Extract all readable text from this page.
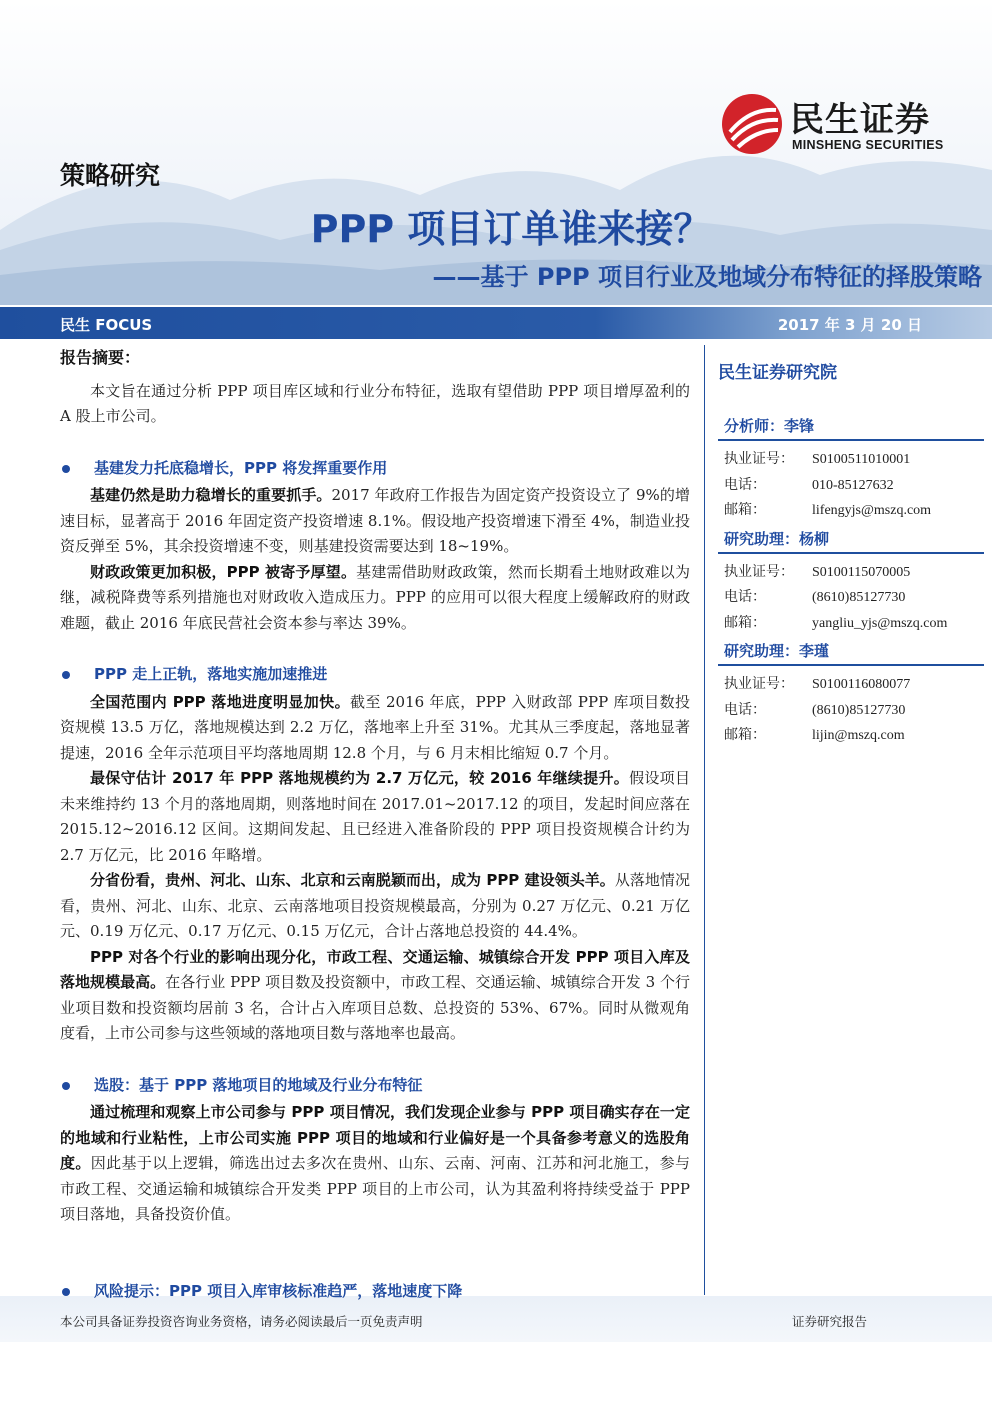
民生证券
MINSHENG SECURITIES
策略研究
PPP 项目订单谁来接？
——基于 PPP 项目行业及地域分布特征的择股策略
民生 FOCUS	2017 年 3 月 20 日
报告摘要：
本文旨在通过分析 PPP 项目库区域和行业分布特征，选取有望借助 PPP 项目增厚盈利的 A 股上市公司。
基建发力托底稳增长，PPP 将发挥重要作用
基建仍然是助力稳增长的重要抓手。2017 年政府工作报告为固定资产投资设立了 9%的增速目标，显著高于 2016 年固定资产投资增速 8.1%。假设地产投资增速下滑至 4%，制造业投资反弹至 5%，其余投资增速不变，则基建投资需要达到 18~19%。
财政政策更加积极，PPP 被寄予厚望。基建需借助财政政策，然而长期看土地财政难以为继，减税降费等系列措施也对财政收入造成压力。PPP 的应用可以很大程度上缓解政府的财政难题，截止 2016 年底民营社会资本参与率达 39%。
PPP 走上正轨，落地实施加速推进
全国范围内 PPP 落地进度明显加快。截至 2016 年底，PPP 入财政部 PPP 库项目数投资规模 13.5 万亿，落地规模达到 2.2 万亿，落地率上升至 31%。尤其从三季度起，落地显著提速，2016 全年示范项目平均落地周期 12.8 个月，与 6 月末相比缩短 0.7 个月。
最保守估计 2017 年 PPP 落地规模约为 2.7 万亿元，较 2016 年继续提升。假设项目未来维持约 13 个月的落地周期，则落地时间在 2017.01~2017.12 的项目，发起时间应落在 2015.12~2016.12 区间。这期间发起、且已经进入准备阶段的 PPP 项目投资规模合计约为 2.7 万亿元，比 2016 年略增。
分省份看，贵州、河北、山东、北京和云南脱颖而出，成为 PPP 建设领头羊。从落地情况看，贵州、河北、山东、北京、云南落地项目投资规模最高，分别为 0.27 万亿元、0.21 万亿元、0.19 万亿元、0.17 万亿元、0.15 万亿元，合计占落地总投资的 44.4%。
PPP 对各个行业的影响出现分化，市政工程、交通运输、城镇综合开发 PPP 项目入库及落地规模最高。在各行业 PPP 项目数及投资额中，市政工程、交通运输、城镇综合开发 3 个行业项目数和投资额均居前 3 名，合计占入库项目总数、总投资的 53%、67%。同时从微观角度看，上市公司参与这些领域的落地项目数与落地率也最高。
选股：基于 PPP 落地项目的地域及行业分布特征
通过梳理和观察上市公司参与 PPP 项目情况，我们发现企业参与 PPP 项目确实存在一定的地域和行业粘性，上市公司实施 PPP 项目的地域和行业偏好是一个具备参考意义的选股角度。因此基于以上逻辑，筛选出过去多次在贵州、山东、云南、河南、江苏和河北施工，参与市政工程、交通运输和城镇综合开发类 PPP 项目的上市公司，认为其盈利将持续受益于 PPP 项目落地，具备投资价值。
民生证券研究院
分析师：李锋
执业证号：	S0100511010001
电话：	010-85127632
邮箱：	lifengyjs@mszq.com
研究助理：杨柳
执业证号：	S0100115070005
电话：	(8610)85127730
邮箱：	yangliu_yjs@mszq.com
研究助理：李瑾
执业证号：	S0100116080077
电话：	(8610)85127730
邮箱：	lijin@mszq.com
风险提示：PPP 项目入库审核标准趋严，落地速度下降
本公司具备证券投资咨询业务资格，请务必阅读最后一页免责声明	证券研究报告
